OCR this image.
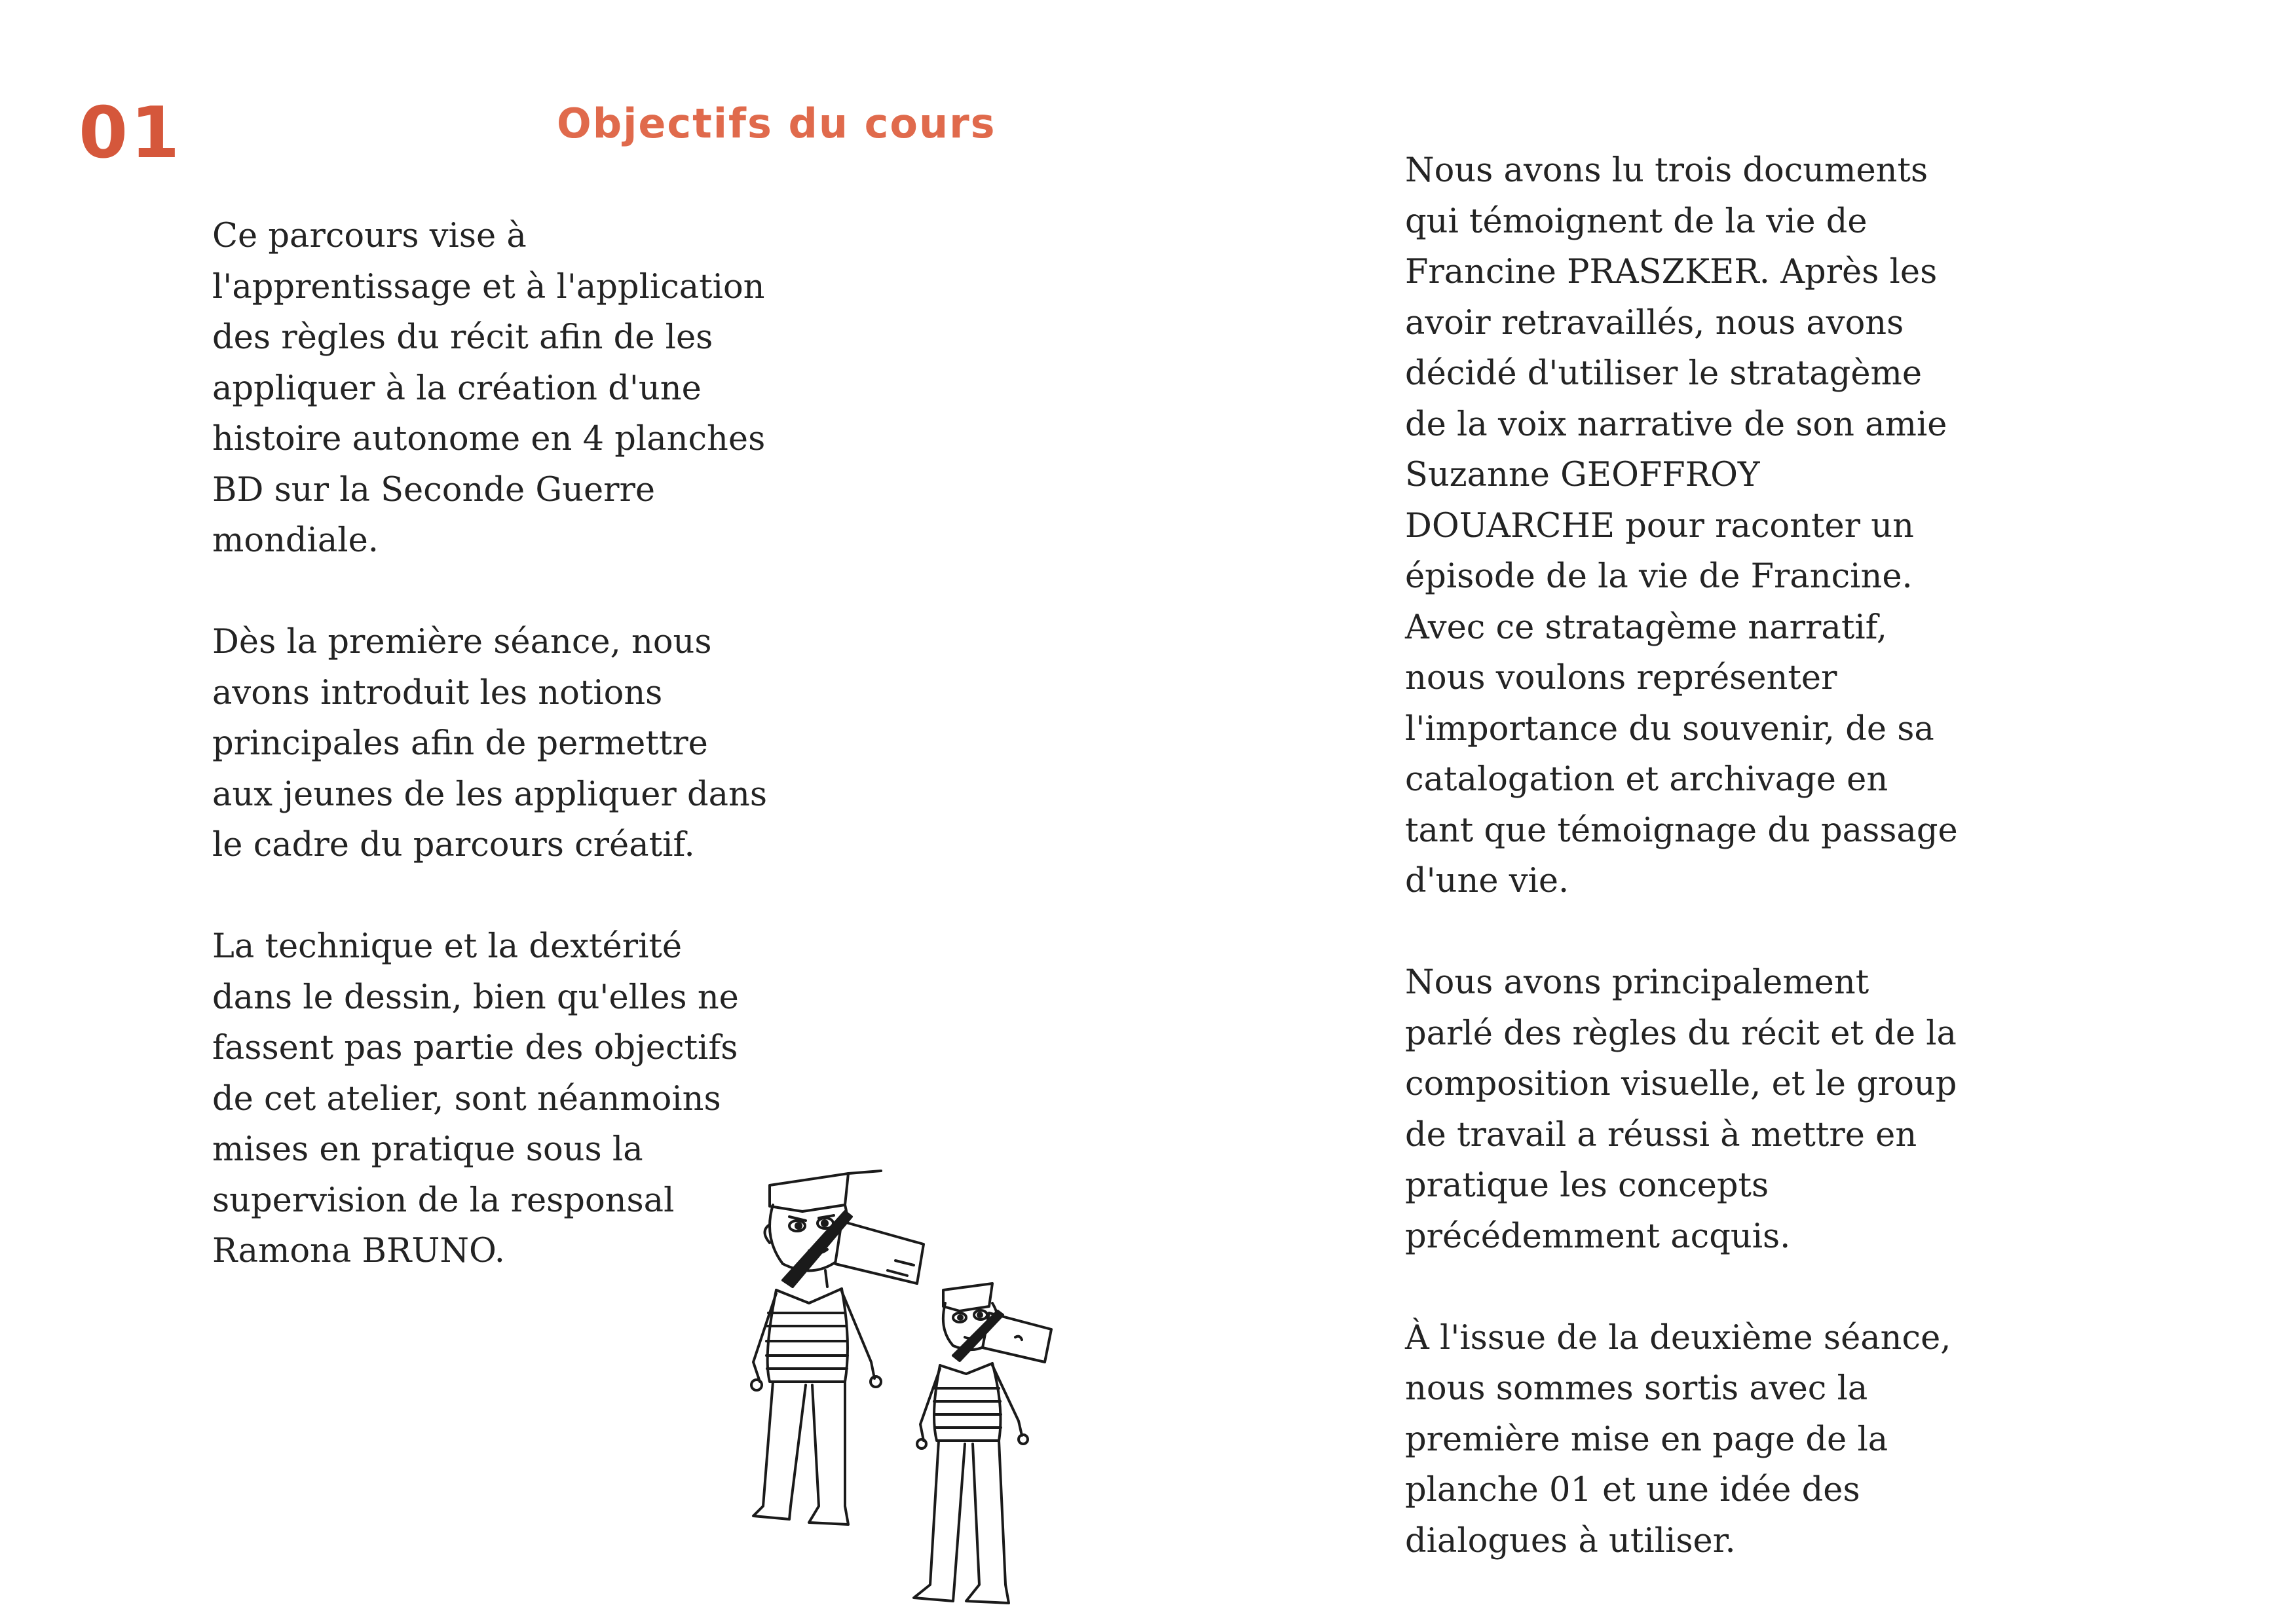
01	Objectifs du cours

Ce parcours vise à
l'apprentissage et à l'application
des règles du récit afin de les
appliquer à la création d'une
histoire autonome en 4 planches
BD sur la Seconde Guerre
mondiale.

Dès la première séance, nous
avons introduit les notions
principales afin de permettre
aux jeunes de les appliquer dans
le cadre du parcours créatif.

La technique et la dextérité
dans le dessin, bien qu'elles ne
fassent pas partie des objectifs
de cet atelier, sont néanmoins
mises en pratique sous la
supervision de la responsal
Ramona BRUNO.

Nous avons lu trois documents
qui témoignent de la vie de
Francine PRASZKER. Après les
avoir retravaillés, nous avons
décidé d'utiliser le stratagème
de la voix narrative de son amie
Suzanne GEOFFROY
DOUARCHE pour raconter un
épisode de la vie de Francine.
Avec ce stratagème narratif,
nous voulons représenter
l'importance du souvenir, de sa
catalogation et archivage en
tant que témoignage du passage
d'une vie.

Nous avons principalement
parlé des règles du récit et de la
composition visuelle, et le group
de travail a réussi à mettre en
pratique les concepts
précédemment acquis.

À l'issue de la deuxième séance,
nous sommes sortis avec la
première mise en page de la
planche 01 et une idée des
dialogues à utiliser.
